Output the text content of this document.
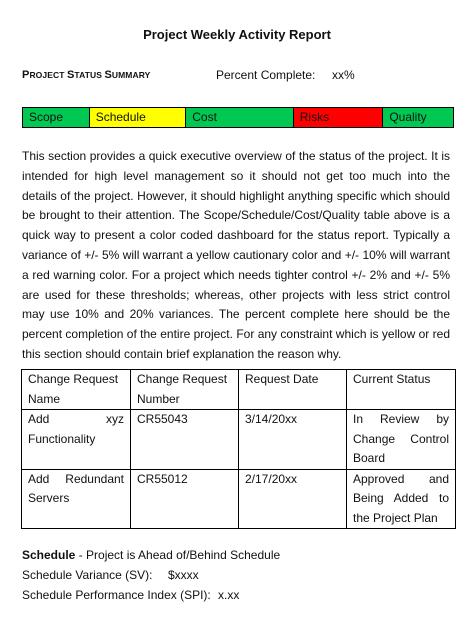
Project Weekly Activity Report
PROJECT STATUS SUMMARY	Percent Complete: xx%
Scope	Schedule	Cost	Risks	Quality

This section provides a quick executive overview of the status of the project. It is intended for high level management so it should not get too much into the details of the project. However, it should highlight anything specific which should be brought to their attention. The Scope/Schedule/Cost/Quality table above is a quick way to present a color coded dashboard for the status report. Typically a variance of +/- 5% will warrant a yellow cautionary color and +/- 10% will warrant a red warning color. For a project which needs tighter control +/- 2% and +/- 5% are used for these thresholds; whereas, other projects with less strict control may use 10% and 20% variances. The percent complete here should be the percent completion of the entire project. For any constraint which is yellow or red this section should contain brief explanation the reason why.

Change Request Name	Change Request Number	Request Date	Current Status
Add xyz Functionality	CR55043	3/14/20xx	In Review by Change Control Board
Add Redundant Servers	CR55012	2/17/20xx	Approved and Being Added to the Project Plan
Schedule - Project is Ahead of/Behind Schedule
Schedule Variance (SV): $xxxx
Schedule Performance Index (SPI): x.xx
